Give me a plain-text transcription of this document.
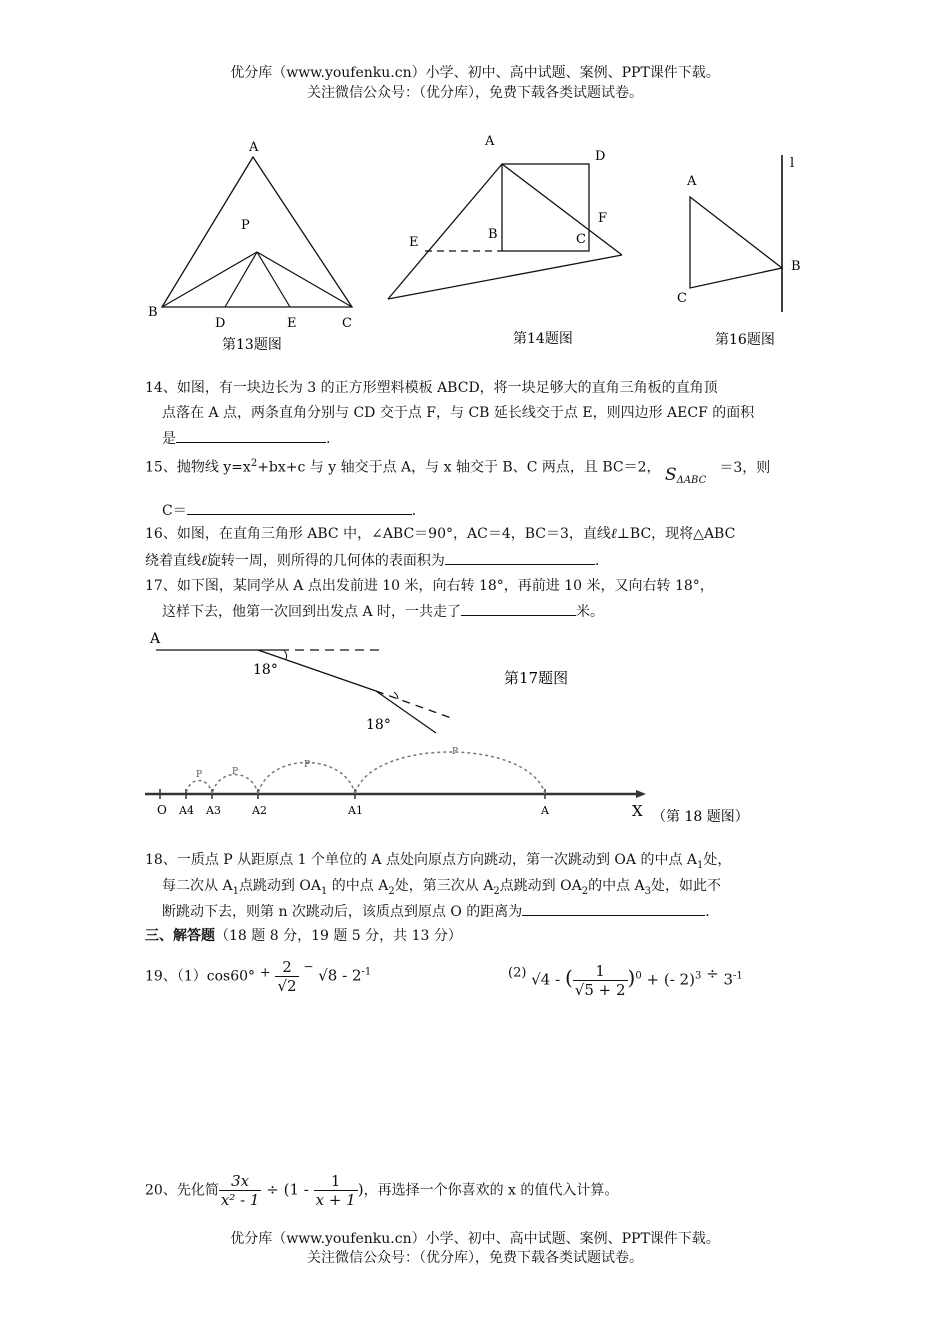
优分库（www.youfenku.cn）小学、初中、高中试题、案例、PPT课件下载。
关注微信公众号：（优分库），免费下载各类试题试卷。
A
P
B
D	E	C
第13题图
A
D
F
E
B	C
第14题图
A
l
B
C
第16题图
14、如图，有一块边长为 3 的正方形塑料模板 ABCD，将一块足够大的直角三角板的直角顶
点落在 A 点，两条直角分别与 CD 交于点 F，与 CB 延长线交于点 E，则四边形 AECF 的面积
是	.
15、抛物线 $y=x^2+bx+c$ 与 y 轴交于点 A，与 x 轴交于 B、C 两点，且 BC＝2， $S_{\Delta ABC} =3$，则
C＝	.
16、如图，在直角三角形 ABC 中，∠ABC＝90°，AC＝4，BC＝3，直线ℓ⊥BC，现将△ABC
绕着直线ℓ旋转一周，则所得的几何体的表面积为	.
17、如下图，某同学从 A 点出发前进 10 米，向右转 18°，再前进 10 米，又向右转 18°，
这样下去，他第一次回到出发点 A 时，一共走了	米。
A
18°
18°
第17题图
O A4 A3	A2	A1	A	X
P
P
P
P
（第 18 题图）
18、一质点 P 从距原点 1 个单位的 A 点处向原点方向跳动，第一次跳动到 OA 的中点 $A_1$处，
每二次从 $A_1$点跳动到 $OA_1$ 的中点 $A_2$处，第三次从 $A_2$点跳动到 $OA_2$的中点 $A_3$处，如此不
断跳动下去，则第 n 次跳动后，该质点到原点 O 的距离为	.
三、解答题（18 题 8 分，19 题 5 分，共 13 分）
19、$(1)\cos 60^\circ + \frac{2}{√2} ^-$ $√8 - 2^{-1}$	(2) √4 - ( $\frac{1}{√5 + 2} )^0$ + (- $2)^3 \div 3^{-1}$
20、先化简 $\frac{3x}{\text{x² - 1}} \div (1 - \frac{1}{x + 1}$ )，再选择一个你喜欢的 x 的值代入计算。
优分库（www.youfenku.cn）小学、初中、高中试题、案例、PPT课件下载。
关注微信公众号：（优分库），免费下载各类试题试卷。
